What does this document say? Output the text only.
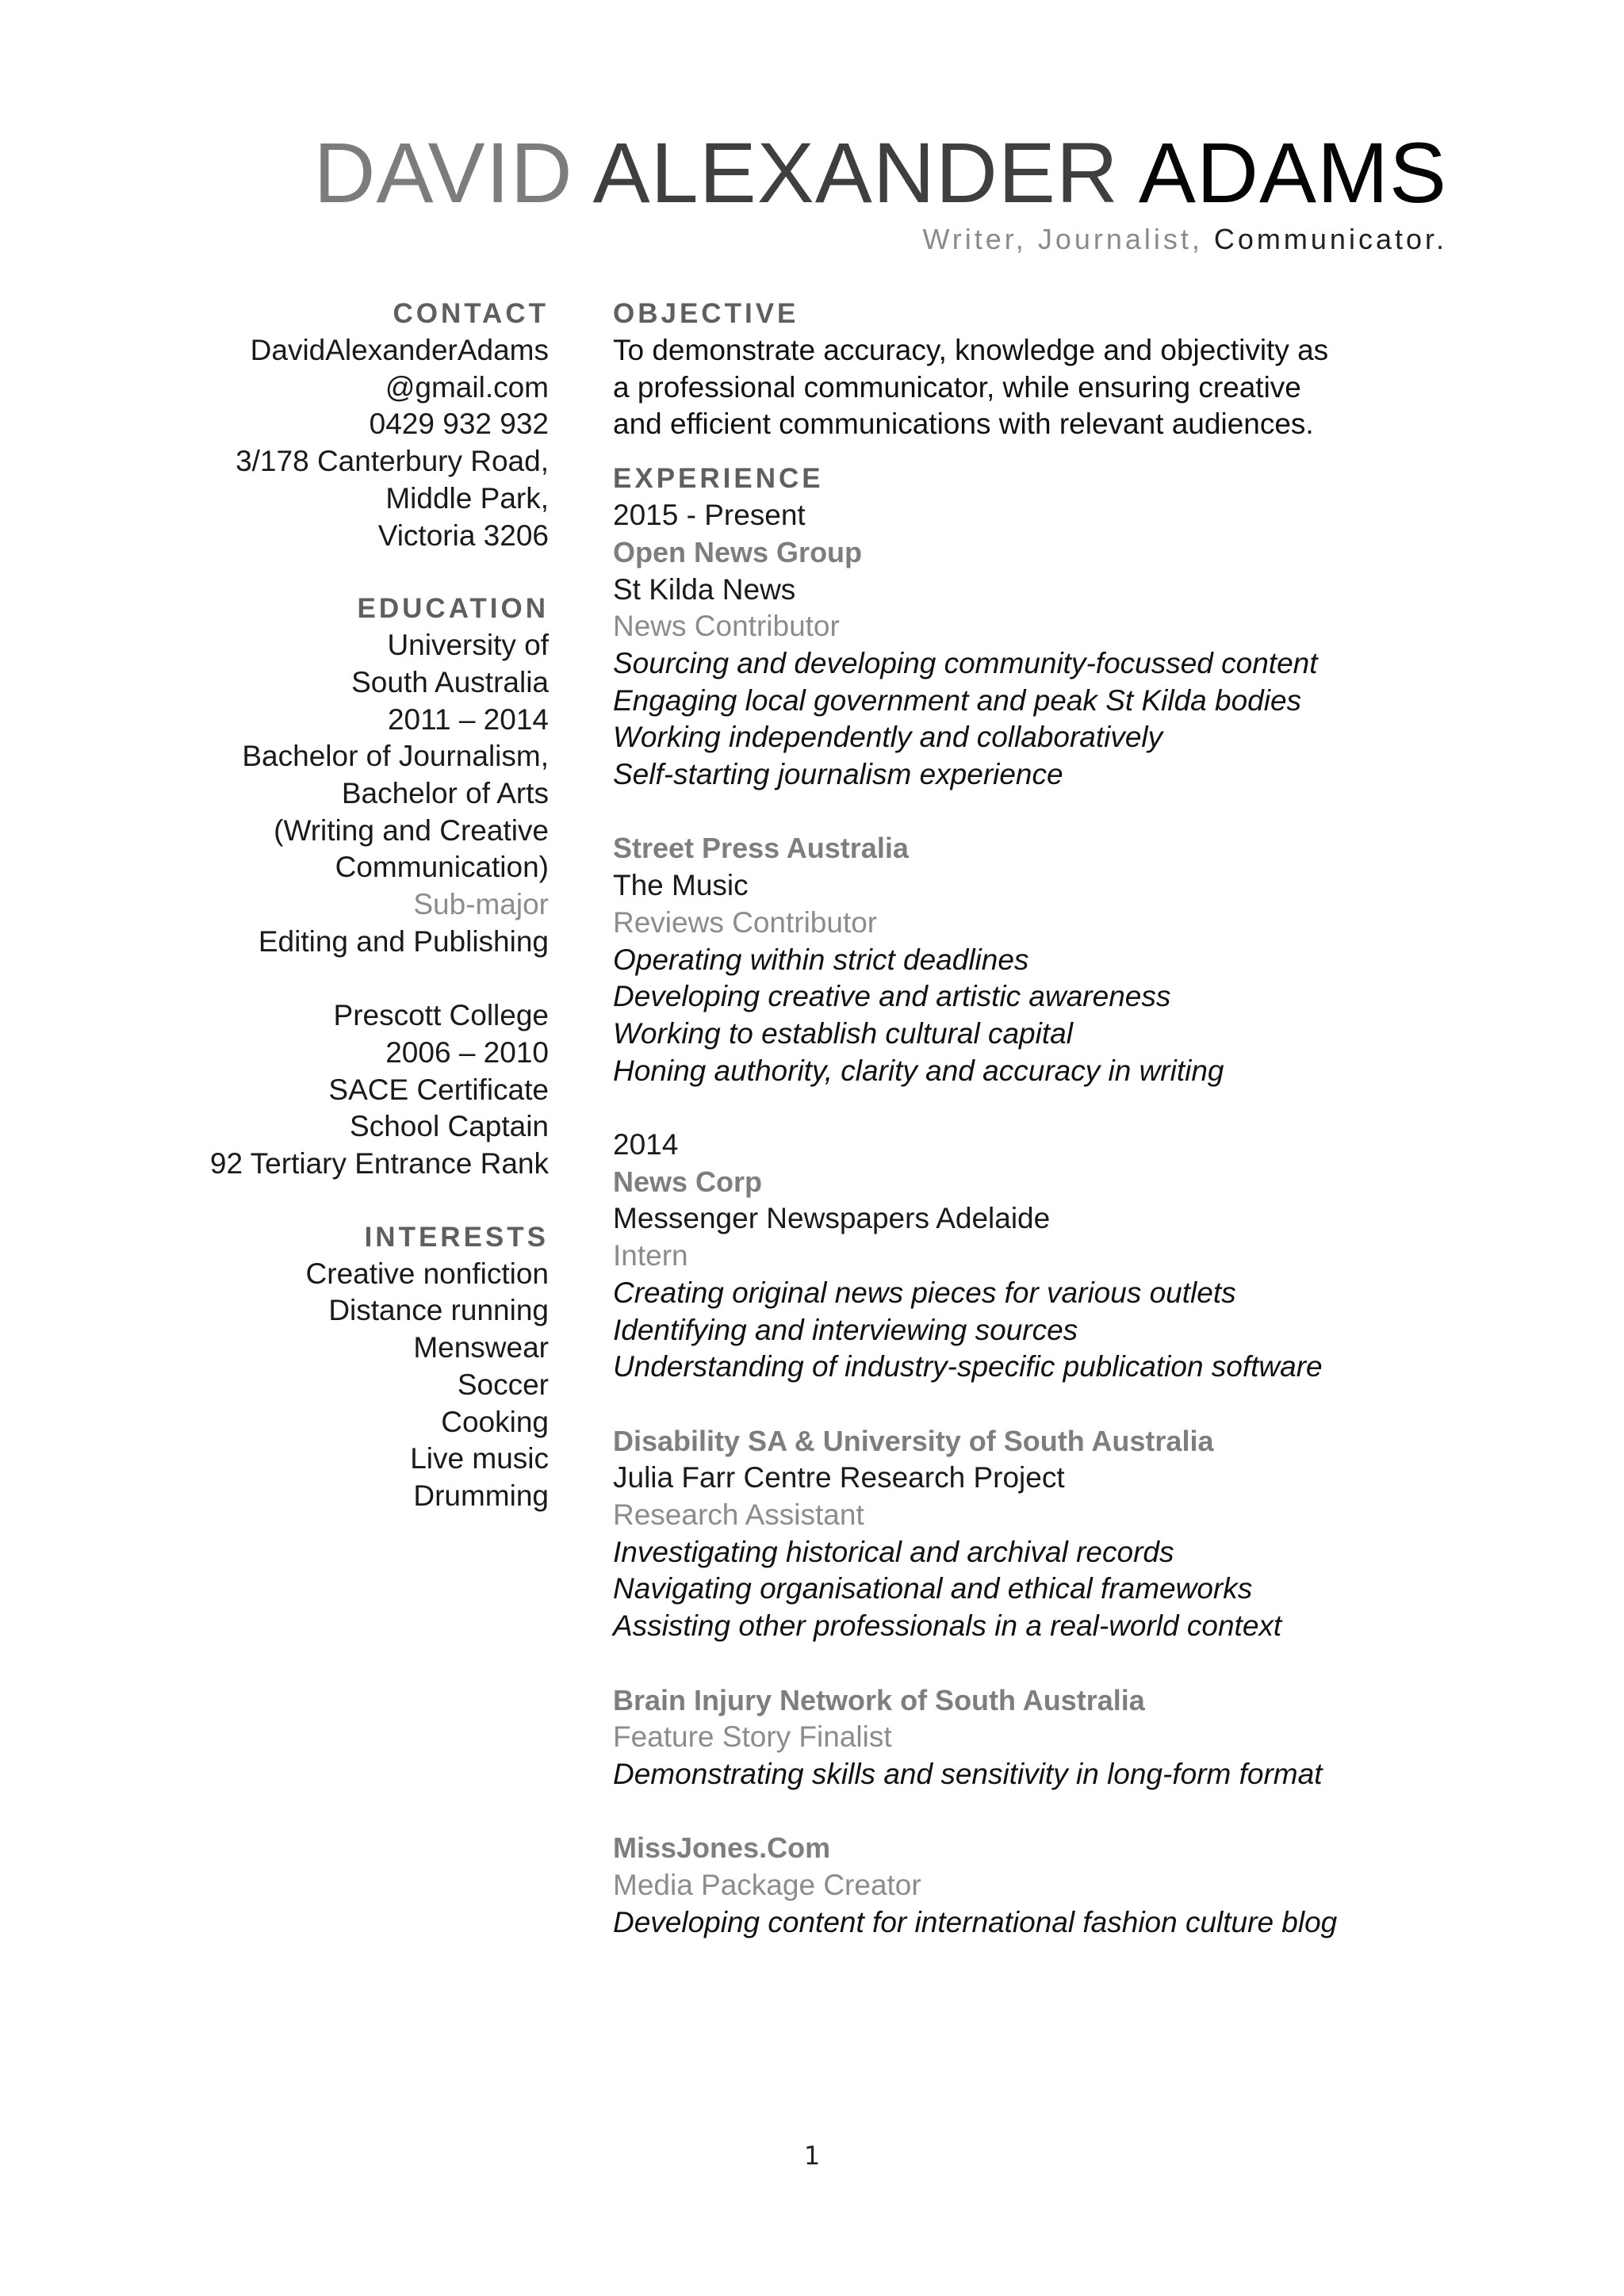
DAVID ALEXANDER ADAMS
Writer, Journalist, Communicator.
CONTACT
DavidAlexanderAdams
@gmail.com
0429 932 932
3/178 Canterbury Road,
Middle Park,
Victoria 3206
EDUCATION
University of
South Australia
2011 – 2014
Bachelor of Journalism,
Bachelor of Arts
(Writing and Creative
Communication)
Sub-major
Editing and Publishing
Prescott College
2006 – 2010
SACE Certificate
School Captain
92 Tertiary Entrance Rank
INTERESTS
Creative nonfiction
Distance running
Menswear
Soccer
Cooking
Live music
Drumming
OBJECTIVE
To demonstrate accuracy, knowledge and objectivity as
a professional communicator, while ensuring creative
and efficient communications with relevant audiences.
EXPERIENCE
2015 - Present
Open News Group
St Kilda News
News Contributor
Sourcing and developing community-focussed content
Engaging local government and peak St Kilda bodies
Working independently and collaboratively
Self-starting journalism experience
Street Press Australia
The Music
Reviews Contributor
Operating within strict deadlines
Developing creative and artistic awareness
Working to establish cultural capital
Honing authority, clarity and accuracy in writing
2014
News Corp
Messenger Newspapers Adelaide
Intern
Creating original news pieces for various outlets
Identifying and interviewing sources
Understanding of industry-specific publication software
Disability SA & University of South Australia
Julia Farr Centre Research Project
Research Assistant
Investigating historical and archival records
Navigating organisational and ethical frameworks
Assisting other professionals in a real-world context
Brain Injury Network of South Australia
Feature Story Finalist
Demonstrating skills and sensitivity in long-form format
MissJones.Com
Media Package Creator
Developing content for international fashion culture blog
1
